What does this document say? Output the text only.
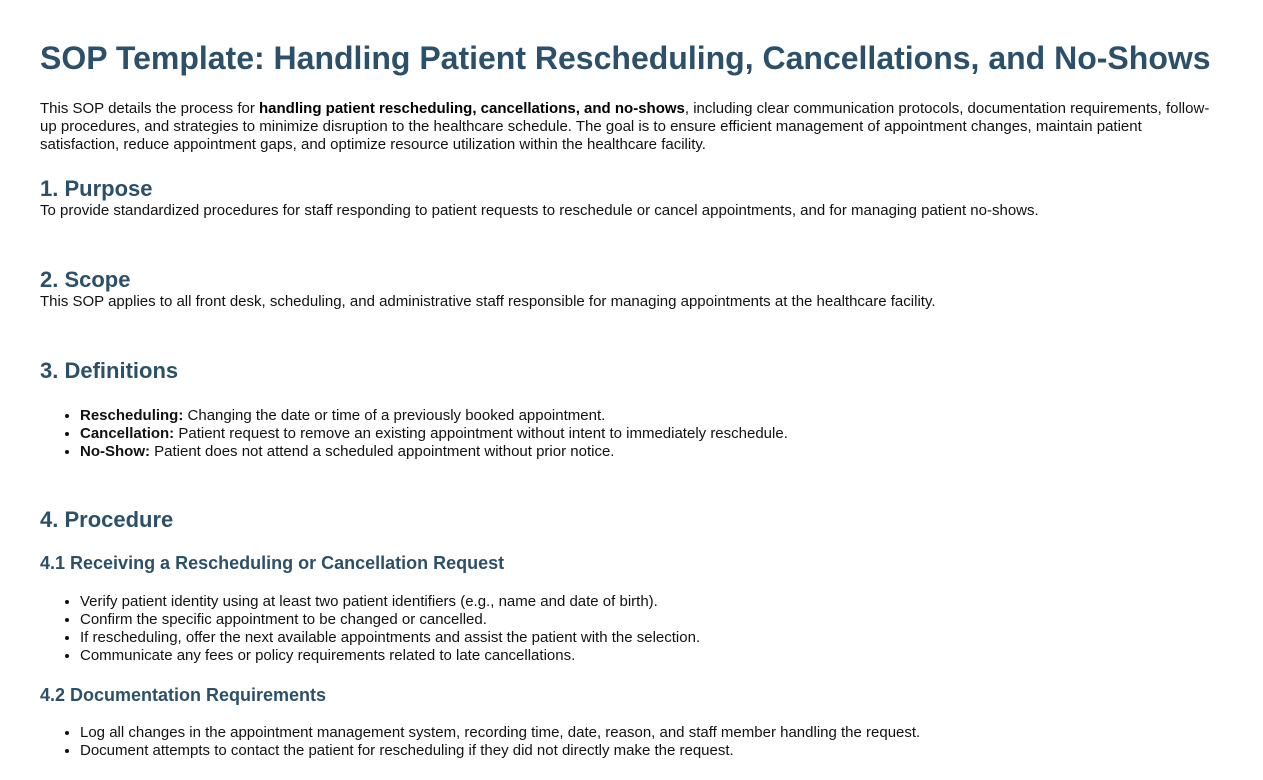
SOP Template: Handling Patient Rescheduling, Cancellations, and No-Shows

This SOP details the process for handling patient rescheduling, cancellations, and no-shows, including clear communication protocols, documentation requirements, follow-up procedures, and strategies to minimize disruption to the healthcare schedule. The goal is to ensure efficient management of appointment changes, maintain patient satisfaction, reduce appointment gaps, and optimize resource utilization within the healthcare facility.

1. Purpose

To provide standardized procedures for staff responding to patient requests to reschedule or cancel appointments, and for managing patient no-shows.

2. Scope

This SOP applies to all front desk, scheduling, and administrative staff responsible for managing appointments at the healthcare facility.

3. Definitions
• Rescheduling: Changing the date or time of a previously booked appointment.
• Cancellation: Patient request to remove an existing appointment without intent to immediately reschedule.
• No-Show: Patient does not attend a scheduled appointment without prior notice.
4. Procedure
4.1 Receiving a Rescheduling or Cancellation Request
• Verify patient identity using at least two patient identifiers (e.g., name and date of birth).
• Confirm the specific appointment to be changed or cancelled.
• If rescheduling, offer the next available appointments and assist the patient with the selection.
• Communicate any fees or policy requirements related to late cancellations.
4.2 Documentation Requirements
• Log all changes in the appointment management system, recording time, date, reason, and staff member handling the request.
• Document attempts to contact the patient for rescheduling if they did not directly make the request.
